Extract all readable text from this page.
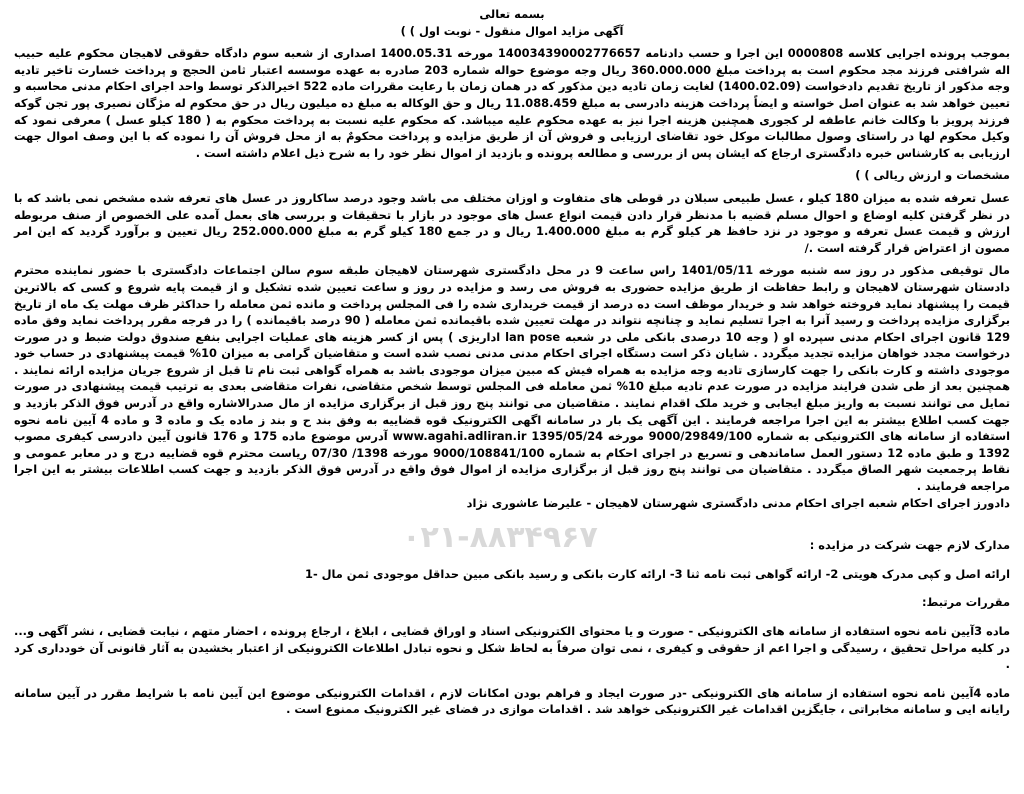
بسمه تعالی
آگهی مزاید اموال منقول - نوبت اول ) )

بموجب پرونده اجرایی کلاسه 0000808 این اجرا و حسب دادنامه 140034390002776657 مورخه 1400.05.31 اصداری از شعبه سوم دادگاه حقوقی لاهیجان محکوم علیه حبیب اله شرافتی فرزند مجد محکوم است به پرداخت مبلغ 360.000.000 ریال وجه موضوع حواله شماره 203 صادره به عهده موسسه اعتبار ثامن الحجج و پرداخت خسارت تاخیر تادیه وجه مذکور از تاریخ تقدیم دادخواست (1400.02.09) لغایت زمان تادیه دین مذکور که در همان زمان با رعایت مقررات ماده 522 اخیرالذکر توسط واحد اجرای احکام مدنی محاسبه و تعیین خواهد شد به عنوان اصل خواسته و ایضاً پرداخت هزینه دادرسی به مبلغ 11.088.459 ریال و حق الوکاله به مبلغ ده میلیون ریال در حق محکوم له مژگان نصیری پور تجن گوکه فرزند پرویز با وکالت خانم عاطفه لر کجوری همچنین هزینه اجرا نیز به عهده محکوم علیه میباشد. که محکوم علیه نسبت به پرداخت محکوم به ( 180 کیلو عسل ) معرفی نمود که وکیل محکوم لها در راستای وصول مطالبات موکل خود تقاضای ارزیابی و فروش آن از طریق مزایده و پرداخت محکومٌ به از محل فروش آن را نموده که با این وصف اموال جهت ارزیابی به کارشناس خبره دادگستری ارجاع که ایشان پس از بررسی و مطالعه پرونده و بازدید از اموال نظر خود را به شرح ذیل اعلام داشته است .

مشخصات و ارزش ریالی ) )

عسل تعرفه شده به میزان 180 کیلو ، عسل طبیعی سبلان در قوطی های متفاوت و اوزان مختلف می باشد وجود درصد ساکاروز در عسل های تعرفه شده مشخص نمی باشد که با در نظر گرفتن کلیه اوضاع و احوال مسلم قضیه با مدنظر قرار دادن قیمت انواع عسل های موجود در بازار با تحقیقات و بررسی های بعمل آمده علی الخصوص از صنف مربوطه ارزش و قیمت عسل تعرفه و موجود در نزد حافظ هر کیلو گرم به مبلغ 1.400.000 ریال و در جمع 180 کیلو گرم به مبلغ 252.000.000 ریال تعیین و برآورد گردید که این امر مصون از اعتراض قرار گرفته است ./

مال توقیفی مذکور در روز سه شنبه مورخه 1401/05/11 راس ساعت 9 در محل دادگستری شهرستان لاهیجان طبقه سوم سالن اجتماعات دادگستری با حضور نماینده محترم دادستان شهرستان لاهیجان و رابط حفاظت از طریق مزایده حضوری به فروش می رسد و مزایده در روز و ساعت تعیین شده تشکیل و از قیمت پایه شروع و کسی که بالاترین قیمت را پیشنهاد نماید فروخته خواهد شد و خریدار موظف است ده درصد از قیمت خریداری شده را فی المجلس پرداخت و مانده ثمن معامله را حداکثر ظرف مهلت یک ماه از تاریخ برگزاری مزایده پرداخت و رسید آنرا به اجرا تسلیم نماید و چنانچه نتواند در مهلت تعیین شده باقیمانده ثمن معامله ( 90 درصد باقیمانده ) را در فرجه مقرر پرداخت نماید وفق ماده 129 قانون اجرای احکام مدنی سپرده او ( وجه 10 درصدی بانکی ملی در شعبه lan pose اداریزی ) پس از کسر هزینه های عملیات اجرایی بنفع صندوق دولت ضبط و در صورت درخواست مجدد خواهان مزایده تجدید میگردد . شایان ذکر است دستگاه اجرای احکام مدنی مدنی نصب شده است و متقاضیان گرامی به میزان 10% قیمت پیشنهادی در حساب خود موجودی داشته و کارت بانکی را جهت کارسازی تادیه وجه مزایده به همراه فیش که مبین میزان موجودی باشد به همراه گواهی ثبت نام تا قبل از شروع جریان مزایده ارائه نمایند . همچنین بعد از طی شدن فرایند مزایده در صورت عدم تادیه مبلغ 10% ثمن معامله فی المجلس توسط شخص متقاضی، نفرات متقاضی بعدی به ترتیب قیمت پیشنهادی در صورت تمایل می توانند نسبت به واریز مبلغ ایجابی و خرید ملک اقدام نمایند . متقاضیان می توانند پنج روز قبل از برگزاری مزایده از مال صدرالاشاره واقع در آدرس فوق الذکر بازدید و جهت کسب اطلاع بیشتر به این اجرا مراجعه فرمایند . این آگهی یک بار در سامانه اگهی الکترونیک قوه قضاییه به وفق بند ح و بند ز ماده یک و ماده 3 و ماده 4 آیین نامه نحوه استفاده از سامانه های الکترونیکی به شماره 9000/29849/100 مورخه 1395/05/24 www.agahi.adliran.ir آدرس موضوع ماده 175 و 176 قانون آیین دادرسی کیفری مصوب 1392 و طبق ماده 12 دستور العمل ساماندهی و تسریع در اجرای احکام به شماره 9000/108841/100 مورخه 1398/ 07/30 ریاست محترم قوه قضاییه درج و در معابر عمومی و نقاط پرجمعیت شهر الصاق میگردد . متقاضیان می توانند پنج روز قبل از برگزاری مزایده از اموال فوق واقع در آدرس فوق الذکر بازدید و جهت کسب اطلاعات بیشتر به این اجرا مراجعه فرمایند .

دادورز اجرای احکام شعبه اجرای احکام مدنی دادگستری شهرستان لاهیجان - علیرضا عاشوری نژاد
مدارک لازم جهت شرکت در مزایده :
ارائه اصل و کپی مدرک هویتی 2- ارائه گواهی ثبت نامه ثنا 3- ارائه کارت بانکی و رسید بانکی مبین حداقل موجودی ثمن مال -1
مقررات مرتبط:

ماده 3آیین نامه نحوه استفاده از سامانه های الکترونیکی - صورت و یا محتوای الکترونیکی اسناد و اوراق قضایی ، ابلاغ ، ارجاع پرونده ، احضار متهم ، نیابت قضایی ، نشر آگهی و... در کلیه مراحل تحقیق ، رسیدگی و اجرا اعم از حقوقی و کیفری ، نمی توان صرفاً به لحاظ شکل و نحوه تبادل اطلاعات الکترونیکی از اعتبار بخشیدن به آثار قانونی آن خودداری کرد .

ماده 4آیین نامه نحوه استفاده از سامانه های الکترونیکی -در صورت ایجاد و فراهم بودن امکانات لازم ، اقدامات الکترونیکی موضوع این آیین نامه با شرایط مقرر در آیین سامانه رایانه ایی و سامانه مخابراتی ، جایگزین اقدامات غیر الکترونیکی خواهد شد . اقدامات موازی در فضای غیر الکترونیک ممنوع است .

۰۲۱-۸۸۳۴۹۶۷
